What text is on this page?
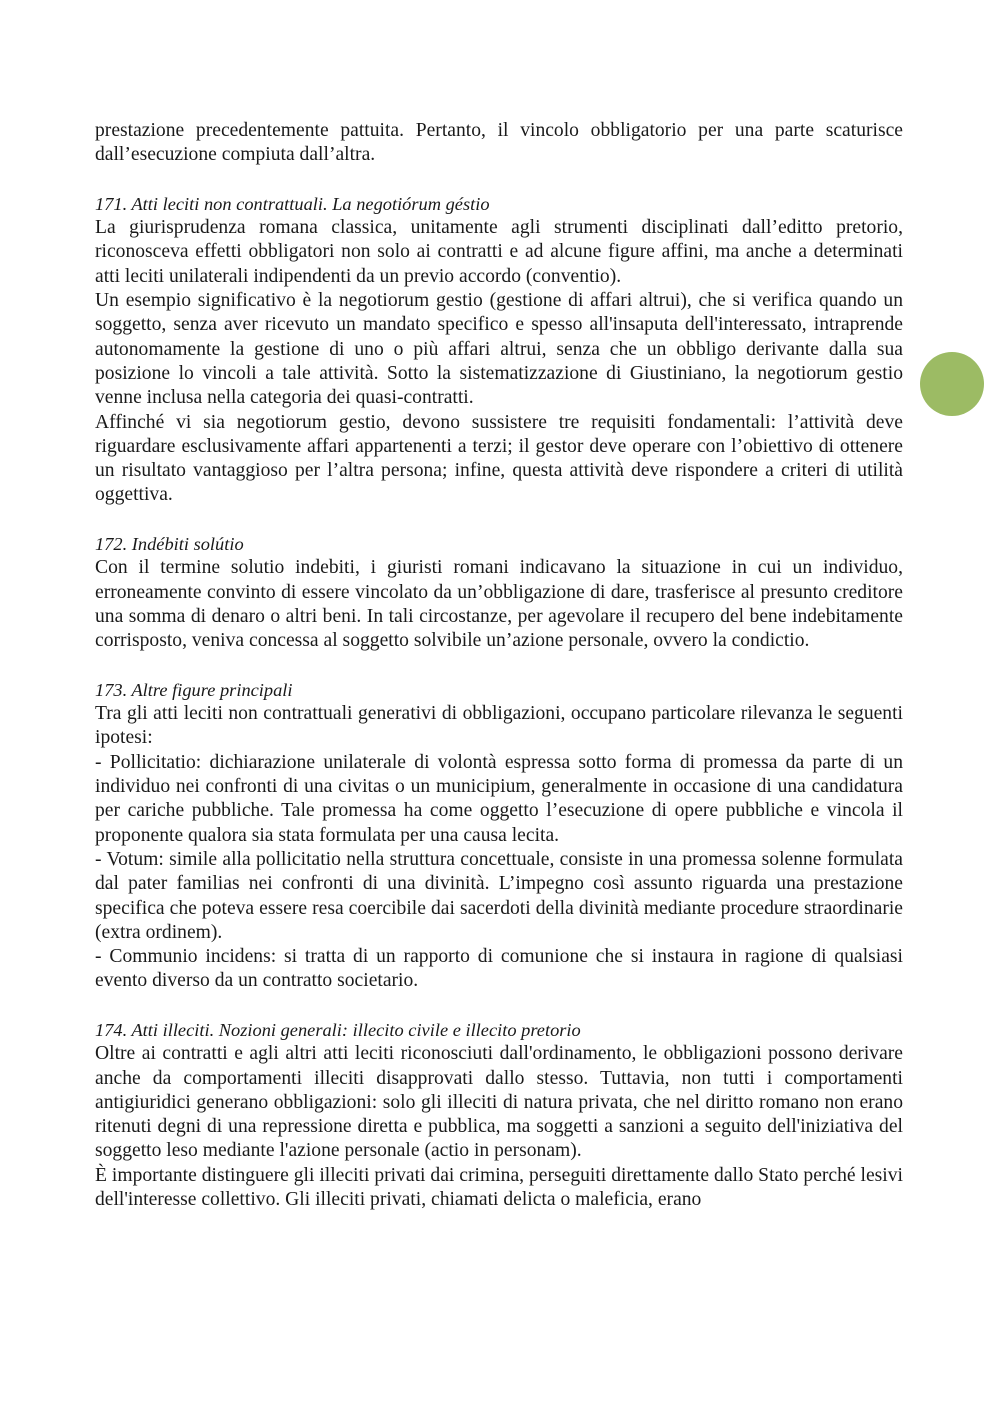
prestazione precedentemente pattuita. Pertanto, il vincolo obbligatorio per una parte scaturisce dall’esecuzione compiuta dall’altra.

171. Atti leciti non contrattuali. La negotiórum géstio

La giurisprudenza romana classica, unitamente agli strumenti disciplinati dall’editto pretorio, riconosceva effetti obbligatori non solo ai contratti e ad alcune figure affini, ma anche a determinati atti leciti unilaterali indipendenti da un previo accordo (conventio).

Un esempio significativo è la negotiorum gestio (gestione di affari altrui), che si verifica quando un soggetto, senza aver ricevuto un mandato specifico e spesso all'insaputa dell'interessato, intraprende autonomamente la gestione di uno o più affari altrui, senza che un obbligo derivante dalla sua posizione lo vincoli a tale attività. Sotto la sistematizzazione di Giustiniano, la negotiorum gestio venne inclusa nella categoria dei quasi-contratti.

Affinché vi sia negotiorum gestio, devono sussistere tre requisiti fondamentali: l’attività deve riguardare esclusivamente affari appartenenti a terzi; il gestor deve operare con l’obiettivo di ottenere un risultato vantaggioso per l’altra persona; infine, questa attività deve rispondere a criteri di utilità oggettiva.

172. Indébiti solútio

Con il termine solutio indebiti, i giuristi romani indicavano la situazione in cui un individuo, erroneamente convinto di essere vincolato da un’obbligazione di dare, trasferisce al presunto creditore una somma di denaro o altri beni. In tali circostanze, per agevolare il recupero del bene indebitamente corrisposto, veniva concessa al soggetto solvibile un’azione personale, ovvero la condictio.

173. Altre figure principali

Tra gli atti leciti non contrattuali generativi di obbligazioni, occupano particolare rilevanza le seguenti ipotesi:

- Pollicitatio: dichiarazione unilaterale di volontà espressa sotto forma di promessa da parte di un individuo nei confronti di una civitas o un municipium, generalmente in occasione di una candidatura per cariche pubbliche. Tale promessa ha come oggetto l’esecuzione di opere pubbliche e vincola il proponente qualora sia stata formulata per una causa lecita.

- Votum: simile alla pollicitatio nella struttura concettuale, consiste in una promessa solenne formulata dal pater familias nei confronti di una divinità. L’impegno così assunto riguarda una prestazione specifica che poteva essere resa coercibile dai sacerdoti della divinità mediante procedure straordinarie (extra ordinem).

- Communio incidens: si tratta di un rapporto di comunione che si instaura in ragione di qualsiasi evento diverso da un contratto societario.

174. Atti illeciti. Nozioni generali: illecito civile e illecito pretorio

Oltre ai contratti e agli altri atti leciti riconosciuti dall'ordinamento, le obbligazioni possono derivare anche da comportamenti illeciti disapprovati dallo stesso. Tuttavia, non tutti i comportamenti antigiuridici generano obbligazioni: solo gli illeciti di natura privata, che nel diritto romano non erano ritenuti degni di una repressione diretta e pubblica, ma soggetti a sanzioni a seguito dell'iniziativa del soggetto leso mediante l'azione personale (actio in personam).

È importante distinguere gli illeciti privati dai crimina, perseguiti direttamente dallo Stato perché lesivi dell'interesse collettivo. Gli illeciti privati, chiamati delicta o maleficia, erano
